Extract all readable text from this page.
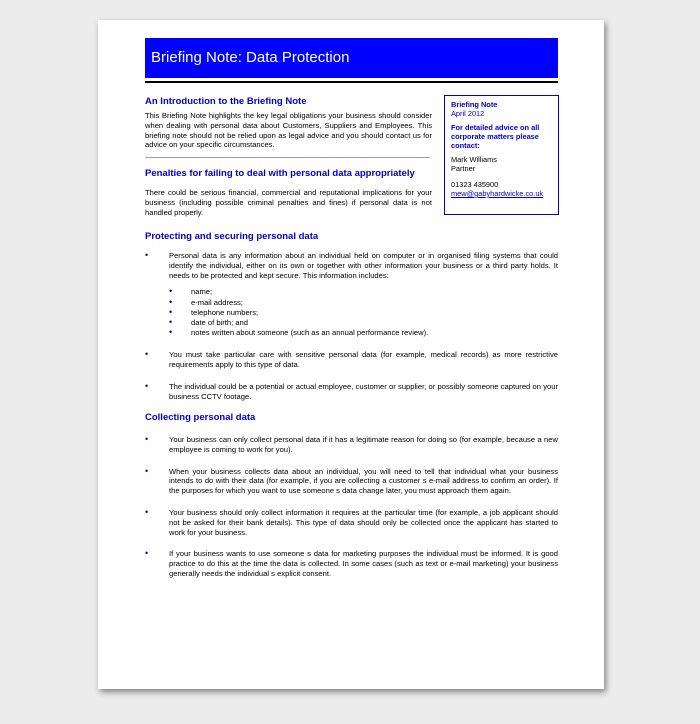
Briefing Note: Data Protection

An Introduction to the Briefing Note

This Briefing Note highlights the key legal obligations your business should consider when dealing with personal data about Customers, Suppliers and Employees. This briefing note should not be relied upon as legal advice and you should contact us for advice on your specific circumstances.

Penalties for failing to deal with personal data appropriately

There could be serious financial, commercial and reputational implications for your business (including possible criminal penalties and fines) if personal data is not handled properly.

Briefing Note
April 2012
For detailed advice on all corporate matters please contact:
Mark Williams
Partner
01323 435900
mew@gabyhardwicke.co.uk

Protecting and securing personal data

•	Personal data is any information about an individual held on computer or in organised filing systems that could identify the individual, either on its own or together with other information your business or a third party holds. It needs to be protected and kept secure. This information includes:
• name;
• e-mail address;
• telephone numbers;
• date of birth; and
• notes written about someone (such as an annual performance review).
•	You must take particular care with sensitive personal data (for example, medical records) as more restrictive requirements apply to this type of data.
•	The individual could be a potential or actual employee, customer or supplier, or possibly someone captured on your business CCTV footage.

Collecting personal data

•	Your business can only collect personal data if it has a legitimate reason for doing so (for example, because a new employee is coming to work for you).
•	When your business collects data about an individual, you will need to tell that individual what your business intends to do with their data (for example, if you are collecting a customer s e-mail address to confirm an order). If the purposes for which you want to use someone s data change later, you must approach them again.
•	Your business should only collect information it requires at the particular time (for example, a job applicant should not be asked for their bank details). This type of data should only be collected once the applicant has started to work for your business.
•	If your business wants to use someone s data for marketing purposes the individual must be informed. It is good practice to do this at the time the data is collected. In some cases (such as text or e-mail marketing) your business generally needs the individual s explicit consent.
